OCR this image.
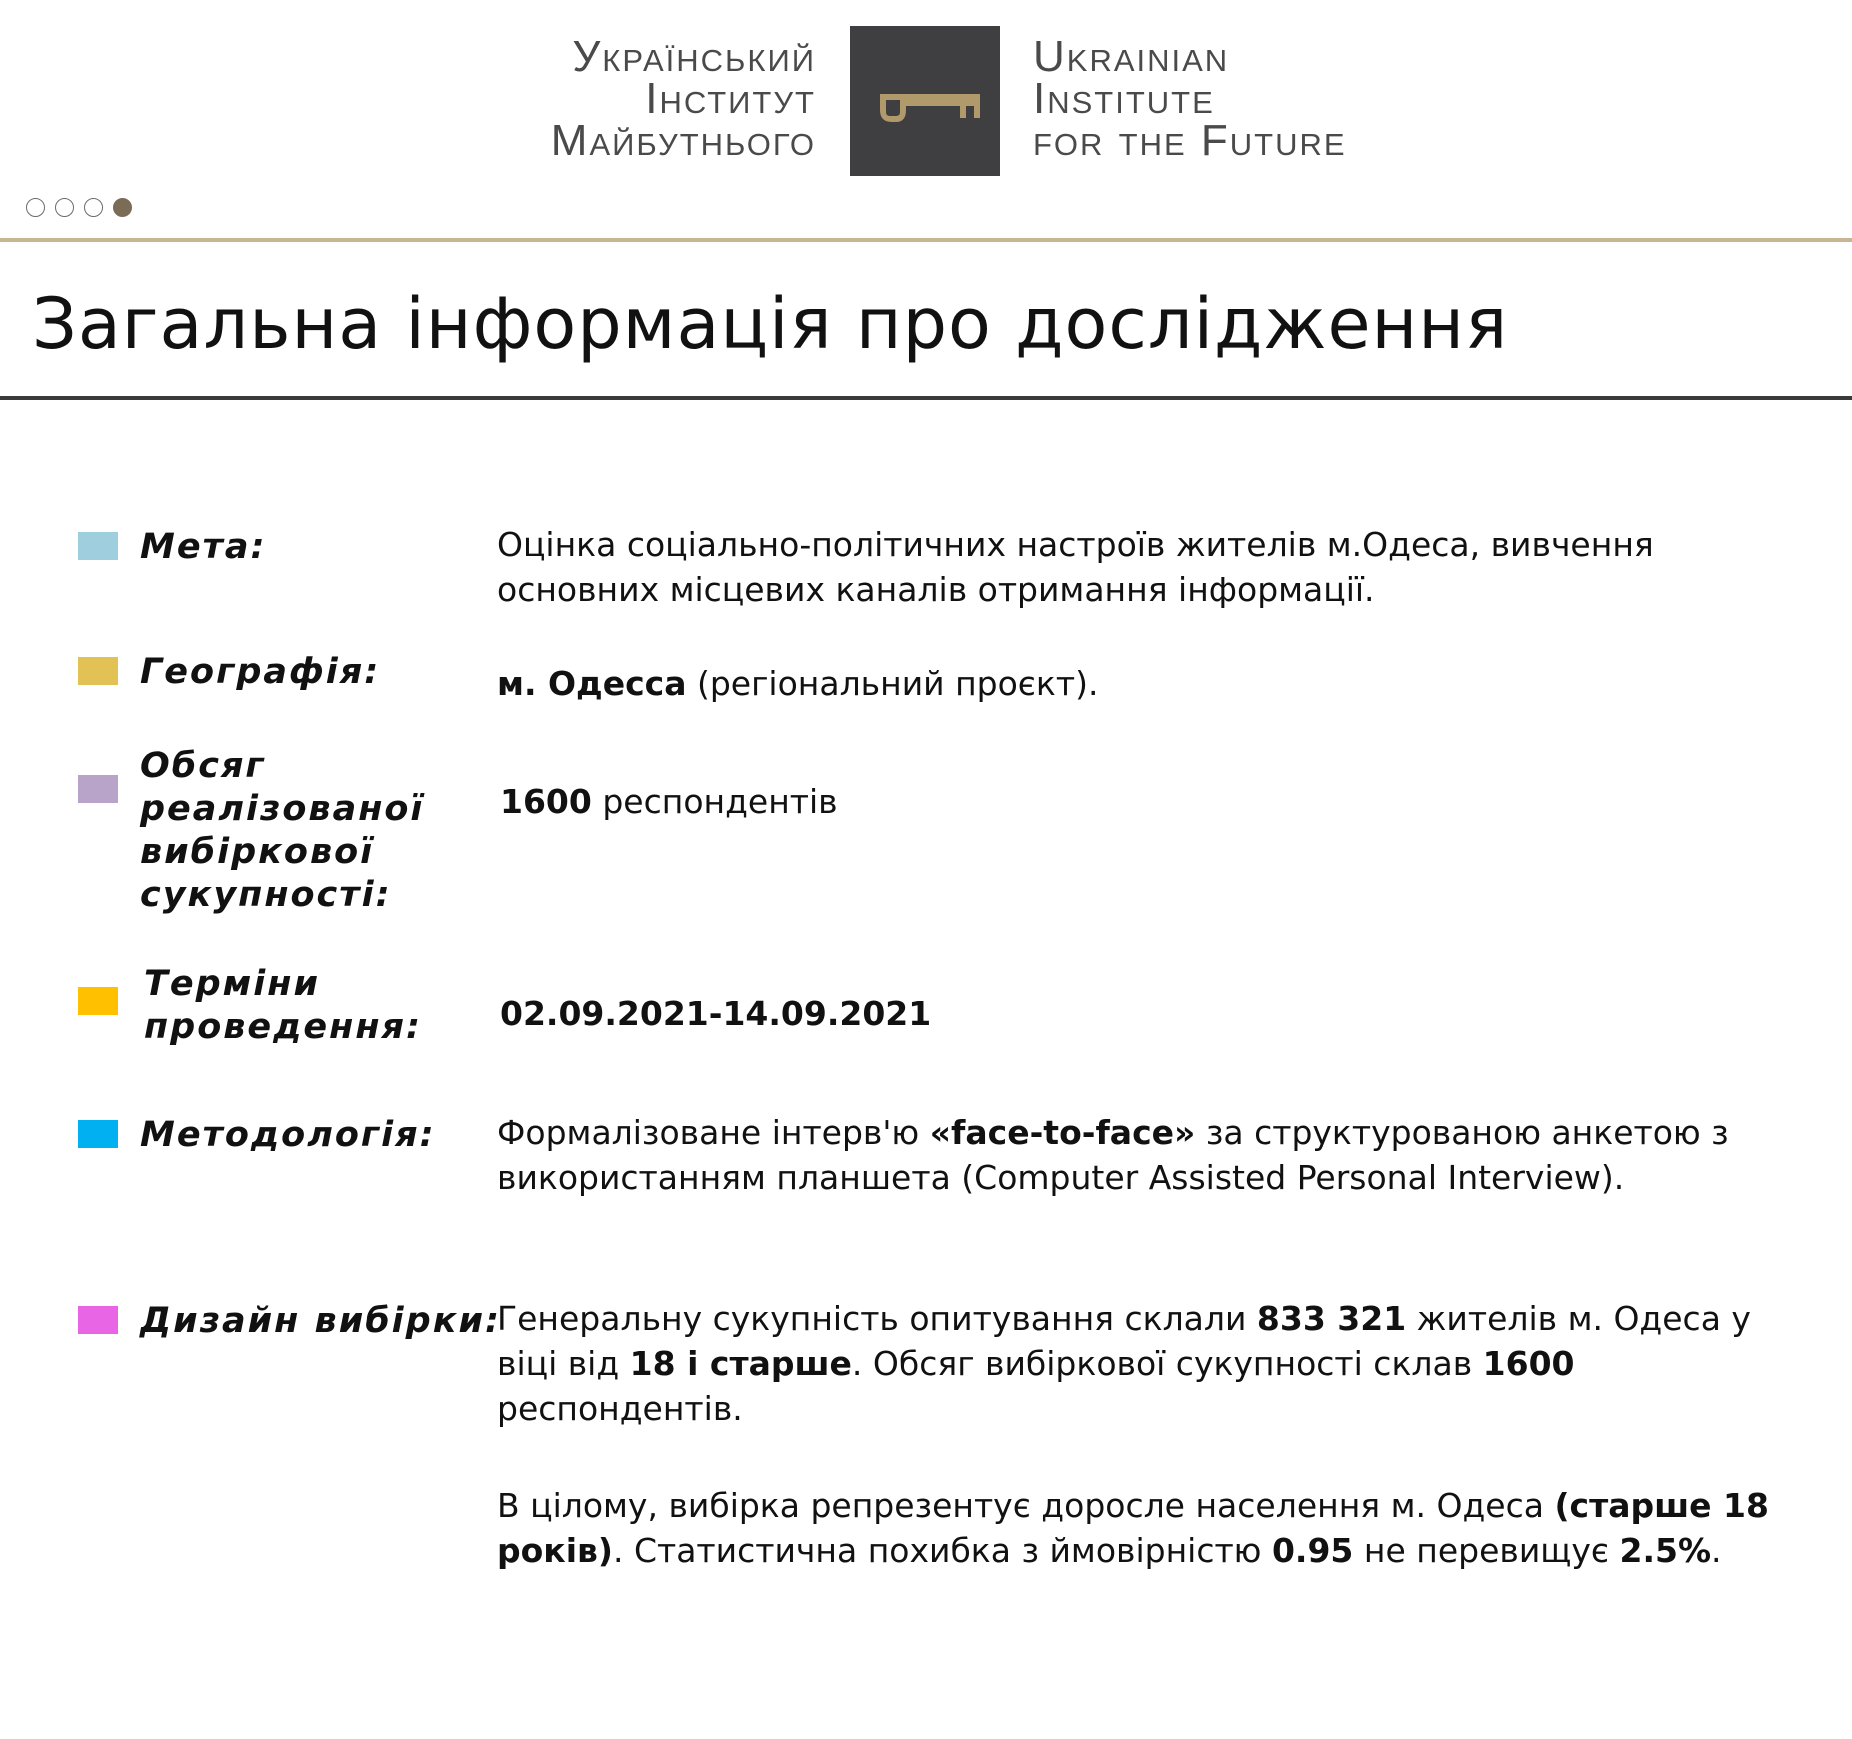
Український
Інститут
Майбутнього
Ukrainian
Institute
for the Future
Загальна інформація про дослідження
Мета:	Оцінка соціально-політичних настроїв жителів м.Одеса, вивчення основних місцевих каналів отримання інформації.
Географія:	м. Одесса (регіональний проєкт).
Обсяг реалізованої вибіркової сукупності:
1600 респондентів
Терміни проведення:	02.09.2021-14.09.2021
Методологія:	Формалізоване інтерв'ю «face-to-face» за структурованою анкетою з використанням планшета (Computer Assisted Personal Interview).
Дизайн вибірки:

Генеральну сукупність опитування склали 833 321 жителів м. Одеса у віці від 18 і старше. Обсяг вибіркової сукупності склав 1600 респондентів.

В цілому, вибірка репрезентує доросле населення м. Одеса (старше 18 років). Статистична похибка з ймовірністю 0.95 не перевищує 2.5%.
